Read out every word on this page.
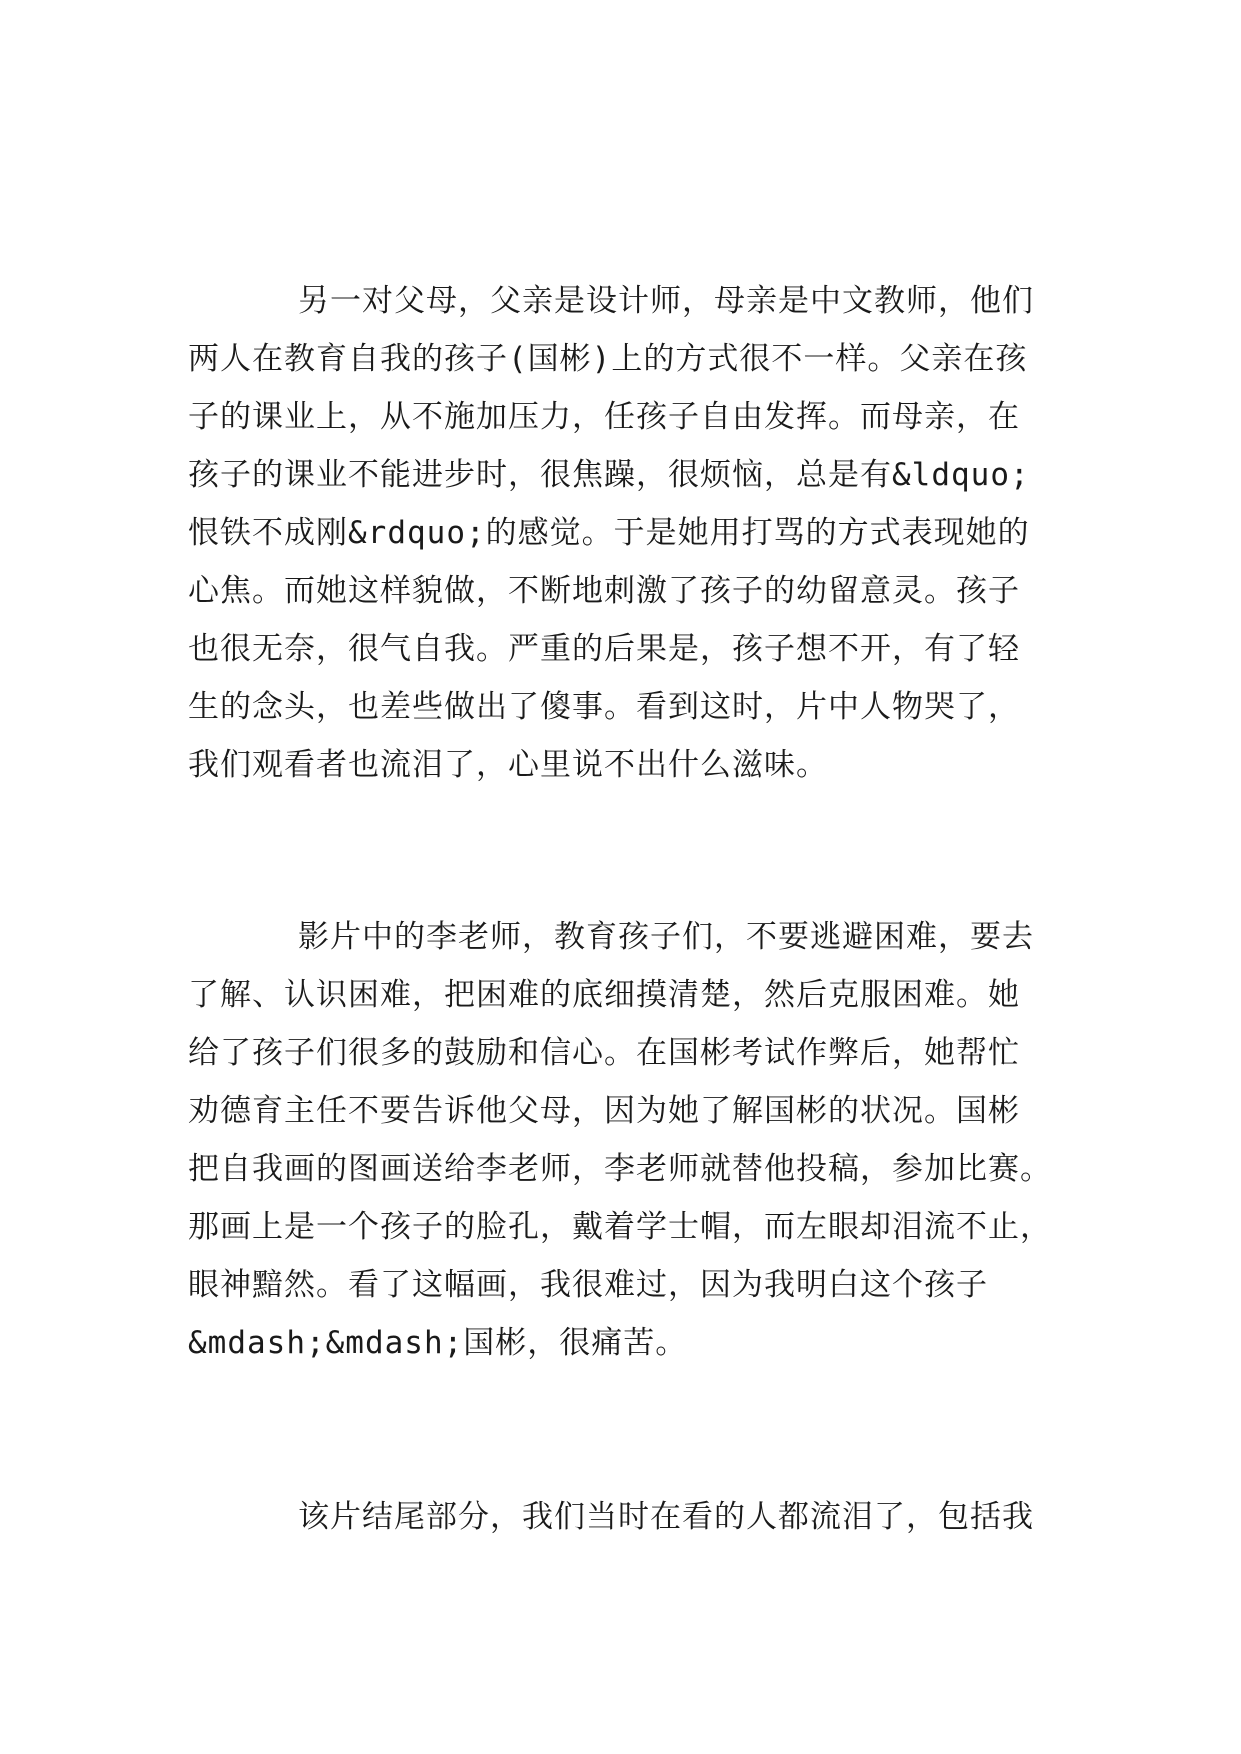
另一对父母，父亲是设计师，母亲是中文教师，他们
两人在教育自我的孩子(国彬)上的方式很不一样。父亲在孩
子的课业上，从不施加压力，任孩子自由发挥。而母亲，在
孩子的课业不能进步时，很焦躁，很烦恼，总是有&ldquo;
恨铁不成刚&rdquo;的感觉。于是她用打骂的方式表现她的
心焦。而她这样貌做，不断地刺激了孩子的幼留意灵。孩子
也很无奈，很气自我。严重的后果是，孩子想不开，有了轻
生的念头，也差些做出了傻事。看到这时，片中人物哭了，
我们观看者也流泪了，心里说不出什么滋味。
影片中的李老师，教育孩子们，不要逃避困难，要去
了解、认识困难，把困难的底细摸清楚，然后克服困难。她
给了孩子们很多的鼓励和信心。在国彬考试作弊后，她帮忙
劝德育主任不要告诉他父母，因为她了解国彬的状况。国彬
把自我画的图画送给李老师，李老师就替他投稿，参加比赛。
那画上是一个孩子的脸孔，戴着学士帽，而左眼却泪流不止，
眼神黯然。看了这幅画，我很难过，因为我明白这个孩子
&mdash;&mdash;国彬，很痛苦。
该片结尾部分，我们当时在看的人都流泪了，包括我
